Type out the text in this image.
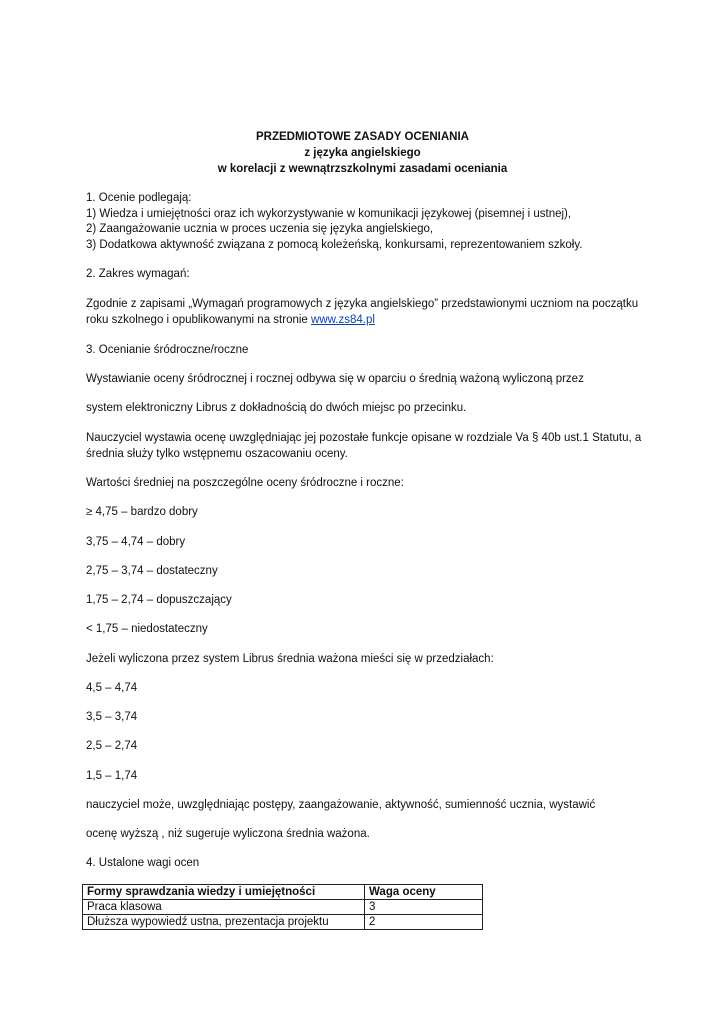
PRZEDMIOTOWE ZASADY OCENIANIA
z języka angielskiego
w korelacji z wewnątrzszkolnymi zasadami oceniania
1. Ocenie podlegają:
1) Wiedza i umiejętności oraz ich wykorzystywanie w komunikacji językowej (pisemnej i ustnej),
2) Zaangażowanie ucznia w proces uczenia się języka angielskiego,
3) Dodatkowa aktywność związana z pomocą koleżeńską, konkursami, reprezentowaniem szkoły.
2. Zakres wymagań:
Zgodnie z zapisami „Wymagań programowych z języka angielskiego” przedstawionymi uczniom na początku
roku szkolnego i opublikowanymi na stronie www.zs84.pl
3. Ocenianie śródroczne/roczne
Wystawianie oceny śródrocznej i rocznej odbywa się w oparciu o średnią ważoną wyliczoną przez
system elektroniczny Librus z dokładnością do dwóch miejsc po przecinku.
Nauczyciel wystawia ocenę uwzględniając jej pozostałe funkcje opisane w rozdziale Va § 40b ust.1 Statutu, a
średnia służy tylko wstępnemu oszacowaniu oceny.
Wartości średniej na poszczególne oceny śródroczne i roczne:
≥ 4,75 – bardzo dobry
3,75 – 4,74 – dobry
2,75 – 3,74 – dostateczny
1,75 – 2,74 – dopuszczający
< 1,75 – niedostateczny
Jeżeli wyliczona przez system Librus średnia ważona mieści się w przedziałach:
4,5 – 4,74
3,5 – 3,74
2,5 – 2,74
1,5 – 1,74
nauczyciel może, uwzględniając postępy, zaangażowanie, aktywność, sumienność ucznia, wystawić
ocenę wyższą , niż sugeruje wyliczona średnia ważona.
4. Ustalone wagi ocen
Formy sprawdzania wiedzy i umiejętności	Waga oceny
Praca klasowa	3
Dłuższa wypowiedź ustna, prezentacja projektu	2
